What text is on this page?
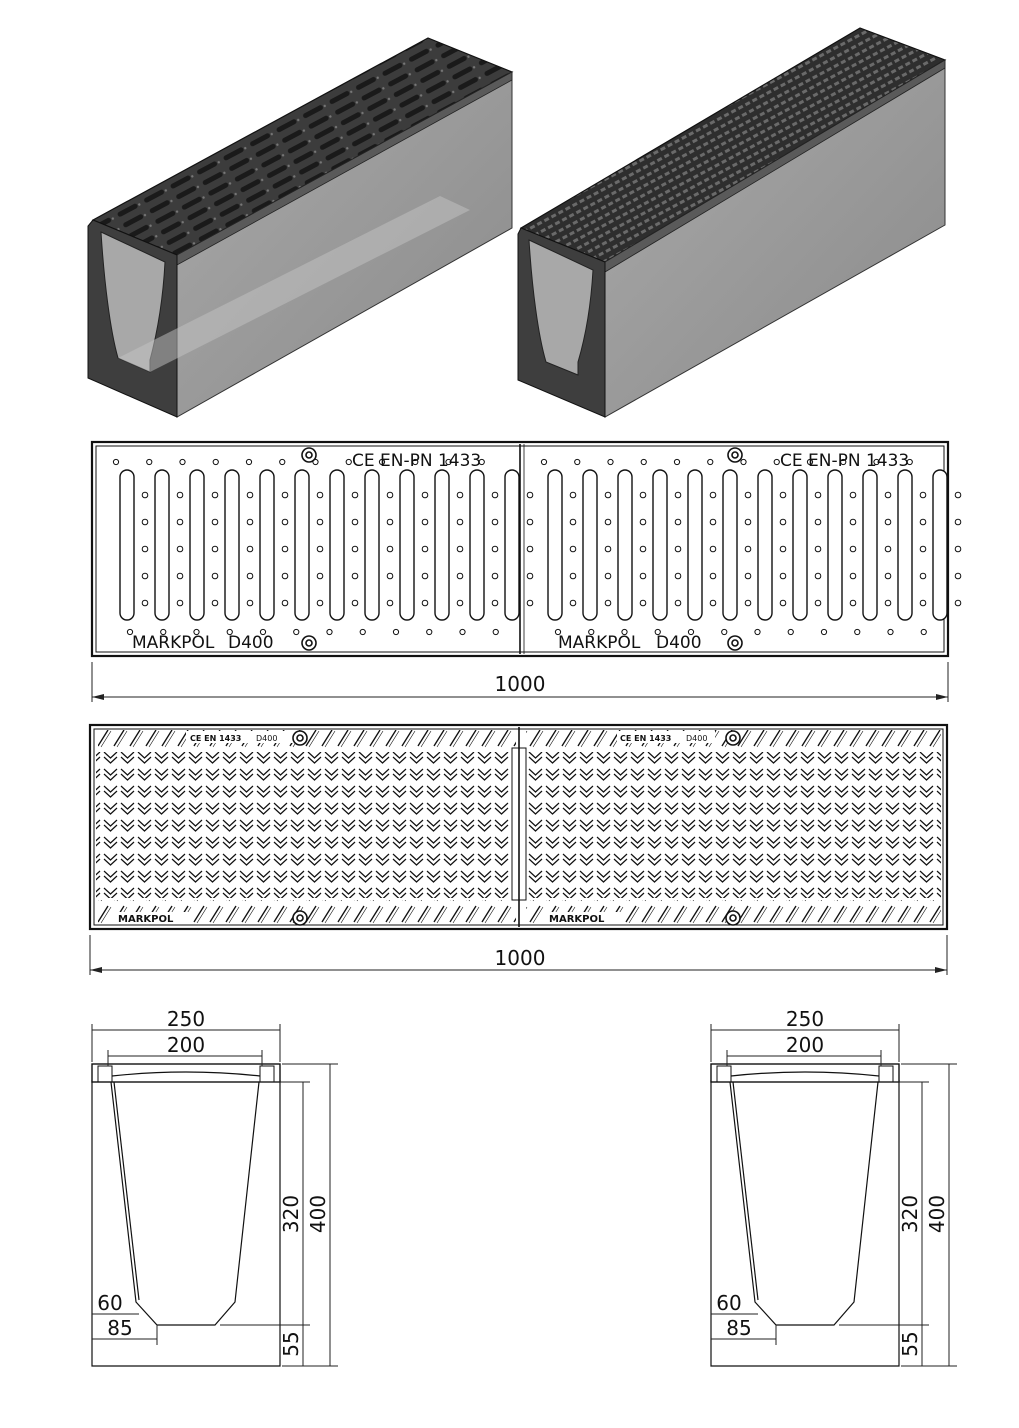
CE EN-PN 1433	CE EN-PN 1433
MARKPOL D400	MARKPOL D400
1000
CE EN 1433 D400	CE EN 1433 D400
MARKPOL	MARKPOL
1000
250
200
320 400
60
85
55
250
200
320 400
60
85
55
